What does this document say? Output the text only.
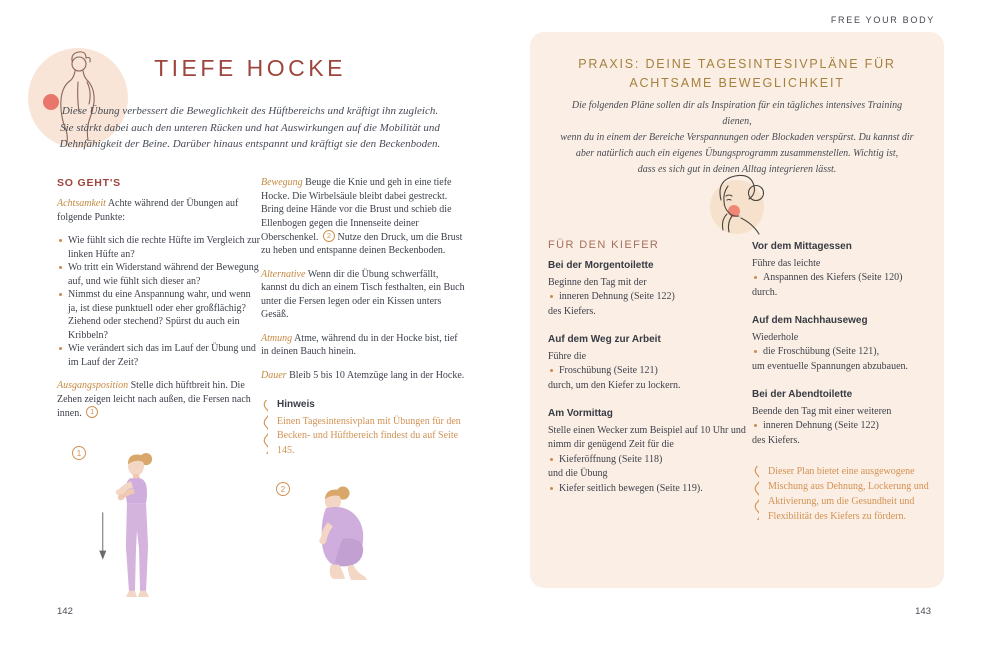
FREE YOUR BODY
TIEFE HOCKE
Diese Übung verbessert die Beweglichkeit des Hüftbereichs und kräftigt ihn zugleich.
Sie stärkt dabei auch den unteren Rücken und hat Auswirkungen auf die Mobilität und
Dehnfähigkeit der Beine. Darüber hinaus entspannt und kräftigt sie den Beckenboden.
SO GEHT'S
Achtsamkeit Achte während der Übungen auf folgende Punkte:
Wie fühlt sich die rechte Hüfte im Vergleich zur linken Hüfte an?
Wo tritt ein Widerstand während der Bewegung auf, und wie fühlt sich dieser an?
Nimmst du eine Anspannung wahr, und wenn ja, ist diese punktuell oder eher großflächig? Ziehend oder stechend? Spürst du auch ein Kribbeln?
Wie verändert sich das im Lauf der Übung und im Lauf der Zeit?
Ausgangsposition Stelle dich hüftbreit hin. Die Zehen zeigen leicht nach außen, die Fersen nach innen. 1
Bewegung Beuge die Knie und geh in eine tiefe Hocke. Die Wirbelsäule bleibt dabei gestreckt. Bring deine Hände vor die Brust und schieb die Ellenbogen gegen die Innenseite deiner Oberschenkel. 2 Nutze den Druck, um die Brust zu heben und entspanne deinen Beckenboden.
Alternative Wenn dir die Übung schwerfällt, kannst du dich an einem Tisch festhalten, ein Buch unter die Fersen legen oder ein Kissen unters Gesäß.
Atmung Atme, während du in der Hocke bist, tief in deinen Bauch hinein.
Dauer Bleib 5 bis 10 Atemzüge lang in der Hocke.
Hinweis
Einen Tagesintensivplan mit Übungen für den Becken- und Hüftbereich findest du auf Seite 145.
1
2
142
PRAXIS: DEINE TAGESINTESIVPLÄNE FÜR
ACHTSAME BEWEGLICHKEIT
Die folgenden Pläne sollen dir als Inspiration für ein tägliches intensives Training dienen,
wenn du in einem der Bereiche Verspannungen oder Blockaden verspürst. Du kannst dir
aber natürlich auch ein eigenes Übungsprogramm zusammenstellen. Wichtig ist,
dass es sich gut in deinen Alltag integrieren lässt.
FÜR DEN KIEFER
Bei der Morgentoilette
Beginne den Tag mit der
inneren Dehnung (Seite 122)
des Kiefers.
Auf dem Weg zur Arbeit
Führe die
Froschübung (Seite 121)
durch, um den Kiefer zu lockern.
Am Vormittag
Stelle einen Wecker zum Beispiel auf 10 Uhr und nimm dir genügend Zeit für die
Kieferöffnung (Seite 118)
und die Übung
Kiefer seitlich bewegen (Seite 119).
Vor dem Mittagessen
Führe das leichte
Anspannen des Kiefers (Seite 120)
durch.
Auf dem Nachhauseweg
Wiederhole
die Froschübung (Seite 121),
um eventuelle Spannungen abzubauen.
Bei der Abendtoilette
Beende den Tag mit einer weiteren
inneren Dehnung (Seite 122)
des Kiefers.
Dieser Plan bietet eine ausgewogene Mischung aus Dehnung, Lockerung und Aktivierung, um die Gesundheit und Flexibilität des Kiefers zu fördern.
143
